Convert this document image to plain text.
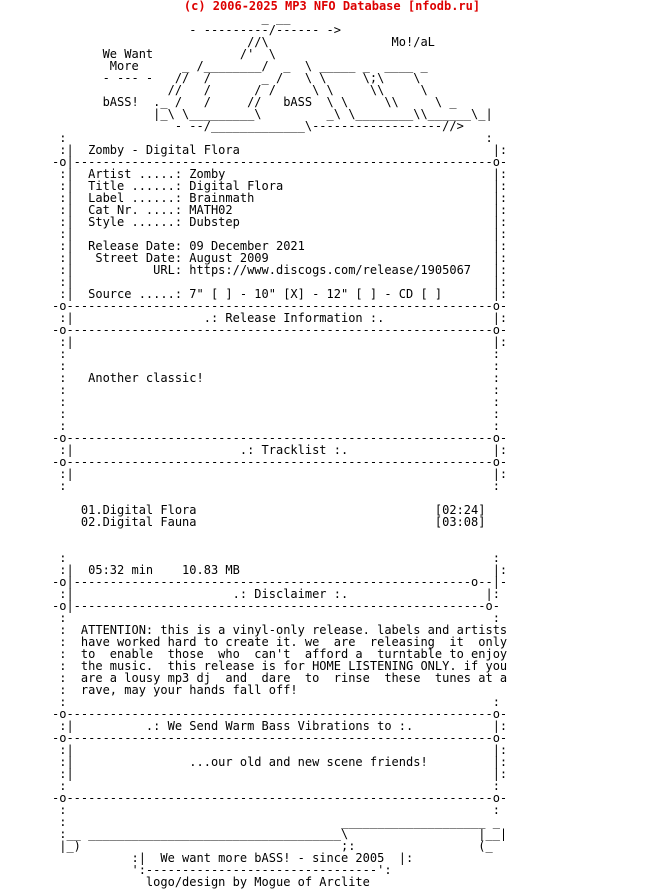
(c) 2006-2025 MP3 NFO Database [nfodb.ru]
_ __
- ---------/------ ->
//\                 Mo!/aL
We Want            /'  \
More      _ /________/  _  \ _____ _  ____ _
- --- -   //  /       _ /   \ \     \;\    \
//   /      / /     \ \     \\     \
bASS!  ._ /   /     //   bASS  \ \     \\     \ _
|_\ \_________\         _\ \________\\______\_|
- --/_____________\------------------//>
:                                                          :
:|  Zomby - Digital Flora                                   |:
-o|----------------------------------------------------------o-
:|  Artist .....: Zomby                                     |:
:|  Title ......: Digital Flora                             |:
:|  Label ......: Brainmath                                 |:
:|  Cat Nr. ....: MATH02                                    |:
:|  Style ......: Dubstep                                   |:
:|                                                          |:
:|  Release Date: 09 December 2021                          |:
:|   Street Date: August 2009                               |:
:|           URL: https://www.discogs.com/release/1905067   |:
:|                                                          |:
:|  Source .....: 7" [ ] - 10" [X] - 12" [ ] - CD [ ]       |:
-o-----------------------------------------------------------o-
:|                  .: Release Information :.               |:
-o-----------------------------------------------------------o-
:|                                                          |:
:                                                           :
:                                                           :
:   Another classic!                                        :
:                                                           :
:                                                           :
:                                                           :
:                                                           :
-o-----------------------------------------------------------o-
:|                       .: Tracklist :.                    |:
-o-----------------------------------------------------------o-
:|                                                          |:
:                                                           :

01.Digital Flora                                 [02:24]
02.Digital Fauna                                 [03:08]

:                                                           :
:|  05:32 min    10.83 MB                                   |:
-o|-------------------------------------------------------o--|-
:|                      .: Disclaimer :.                   |:
-o|---------------------------------------------------------o-
:                                                           :
:  ATTENTION: this is a vinyl-only release. labels and artists
:  have worked hard to create it. we  are  releasing  it  only
:  to  enable  those  who  can't  afford a  turntable to enjoy
:  the music.  this release is for HOME LISTENING ONLY. if you
:  are a lousy mp3 dj  and  dare  to  rinse  these  tunes at a
:  rave, may your hands fall off!
:                                                           :
-o-----------------------------------------------------------o-
:|          .: We Send Warm Bass Vibrations to :.           |:
-o-----------------------------------------------------------o-
:|                                                          |:
:|                ...our old and new scene friends!         |:
:|                                                          |:
:                                                           :
-o-----------------------------------------------------------o-
:                                                           :
:                                      ____________________ _
:__ ___________________________________\                  |__|
|_)                                    ;:                 (_
:|  We want more bASS! - since 2005  |:
':--------------------------------':
logo/design by Mogue of Arclite
